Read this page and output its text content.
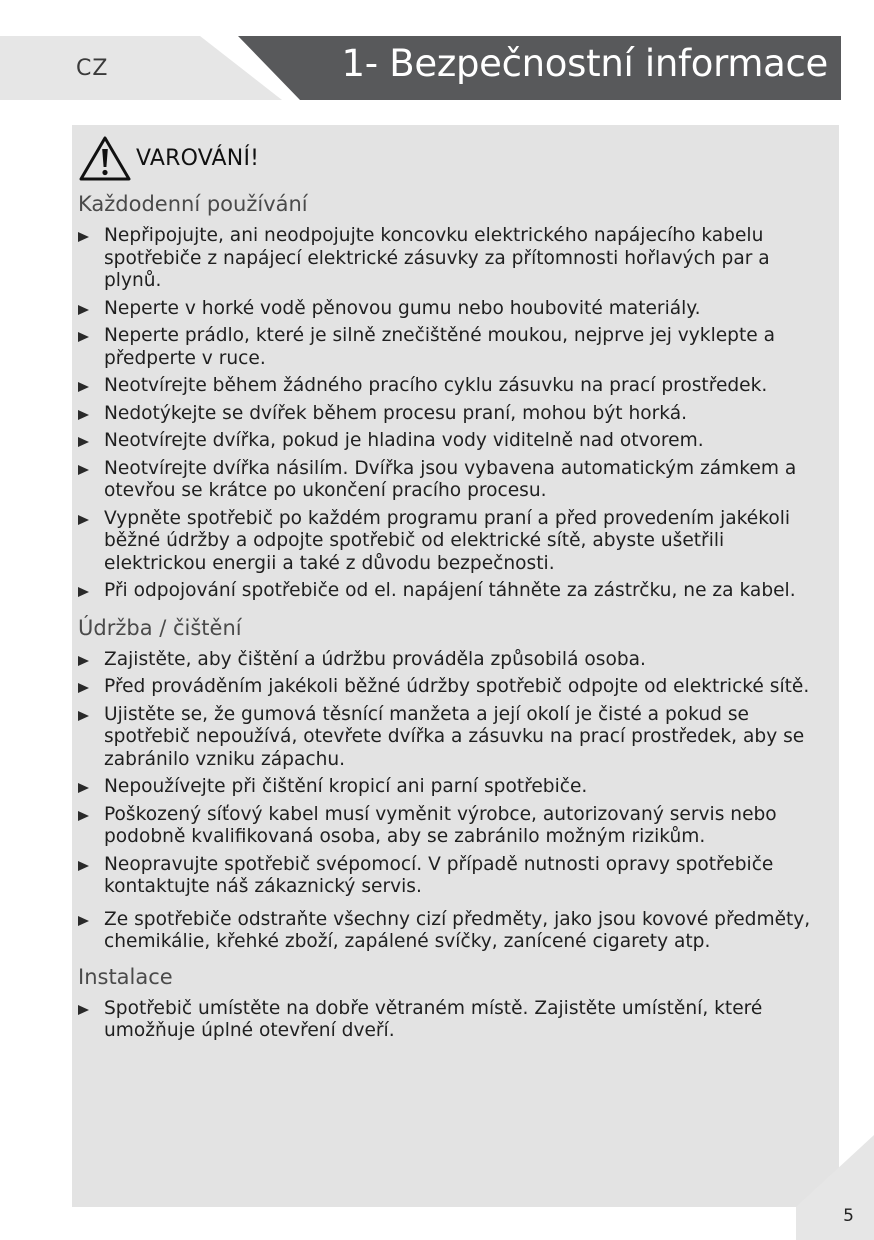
CZ	1- Bezpečnostní informace
VAROVÁNÍ!
Každodenní používání
Nepřipojujte, ani neodpojujte koncovku elektrického napájecího kabelu spotřebiče z napájecí elektrické zásuvky za přítomnosti hořlavých par a plynů.
Neperte v horké vodě pěnovou gumu nebo houbovité materiály.
Neperte prádlo, které je silně znečištěné moukou, nejprve jej vyklepte a předperte v ruce.
Neotvírejte během žádného pracího cyklu zásuvku na prací prostředek.
Nedotýkejte se dvířek během procesu praní, mohou být horká.
Neotvírejte dvířka, pokud je hladina vody viditelně nad otvorem.
Neotvírejte dvířka násilím. Dvířka jsou vybavena automatickým zámkem a otevřou se krátce po ukončení pracího procesu.
Vypněte spotřebič po každém programu praní a před provedením jakékoli běžné údržby a odpojte spotřebič od elektrické sítě, abyste ušetřili elektrickou energii a také z důvodu bezpečnosti.
Při odpojování spotřebiče od el. napájení táhněte za zástrčku, ne za kabel.
Údržba / čištění
Zajistěte, aby čištění a údržbu prováděla způsobilá osoba.
Před prováděním jakékoli běžné údržby spotřebič odpojte od elektrické sítě.
Ujistěte se, že gumová těsnící manžeta a její okolí je čisté a pokud se spotřebič nepoužívá, otevřete dvířka a zásuvku na prací prostředek, aby se zabránilo vzniku zápachu.
Nepoužívejte při čištění kropicí ani parní spotřebiče.
Poškozený síťový kabel musí vyměnit výrobce, autorizovaný servis nebo podobně kvalifikovaná osoba, aby se zabránilo možným rizikům.
Neopravujte spotřebič svépomocí. V případě nutnosti opravy spotřebiče kontaktujte náš zákaznický servis.
Ze spotřebiče odstraňte všechny cizí předměty, jako jsou kovové předměty, chemikálie, křehké zboží, zapálené svíčky, zanícené cigarety atp.
Instalace
Spotřebič umístěte na dobře větraném místě. Zajistěte umístění, které umožňuje úplné otevření dveří.
5
